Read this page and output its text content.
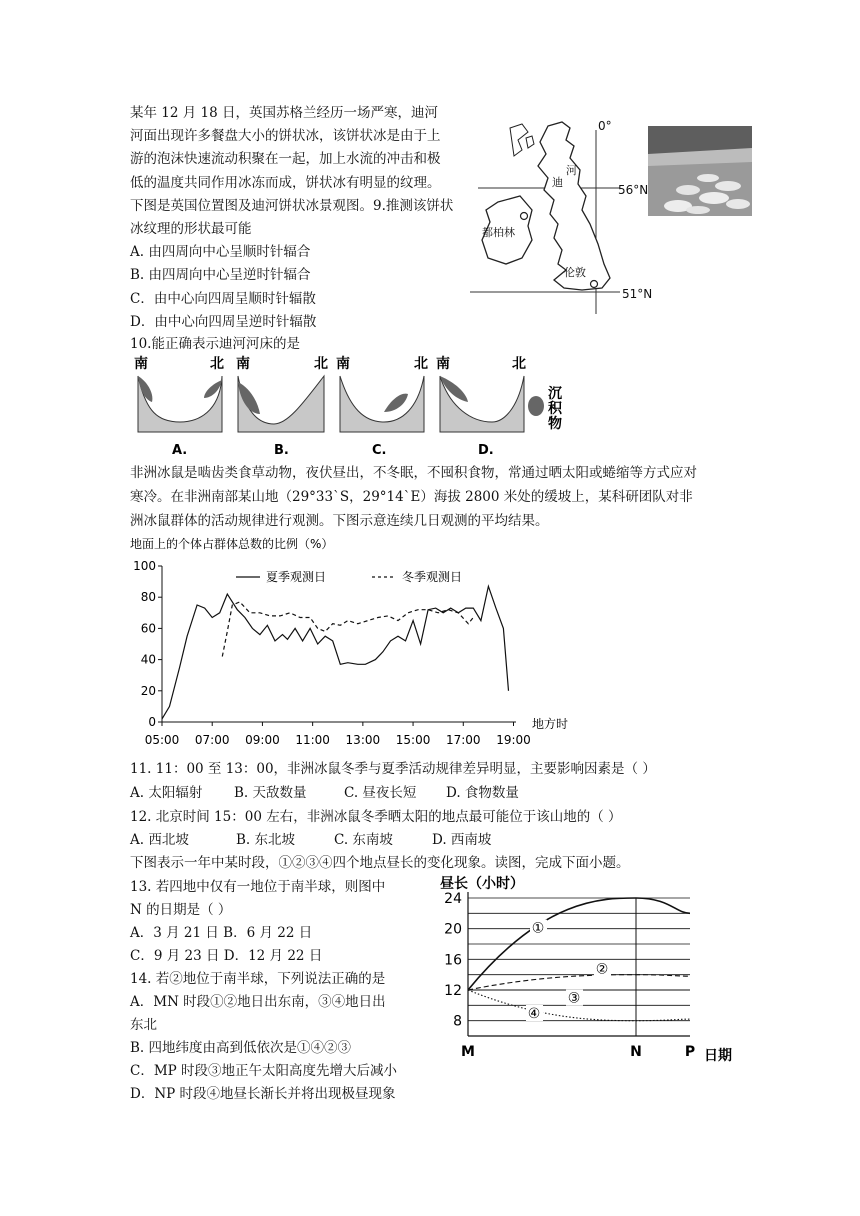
某年 12 月 18 日，英国苏格兰经历一场严寒，迪河
河面出现许多餐盘大小的饼状冰，该饼状冰是由于上
游的泡沫快速流动积聚在一起，加上水流的冲击和极
低的温度共同作用冰冻而成，饼状冰有明显的纹理。
下图是英国位置图及迪河饼状冰景观图。9.推测该饼状
冰纹理的形状最可能
A. 由四周向中心呈顺时针辐合
B. 由四周向中心呈逆时针辐合
C．由中心向四周呈顺时针辐散
D．由中心向四周呈逆时针辐散
0°
56°N
51°N
迪
河
都柏林
伦敦
10.能正确表示迪河河床的是
南	北
A.
南	北
B.
南	北
C.
南	北
D.
沉
积
物
非洲冰鼠是啮齿类食草动物，夜伏昼出，不冬眠，不囤积食物，常通过晒太阳或蜷缩等方式应对
寒冷。在非洲南部某山地（29°33`S，29°14`E）海拔 2800 米处的缓坡上，某科研团队对非
洲冰鼠群体的活动规律进行观测。下图示意连续几日观测的平均结果。
地面上的个体占群体总数的比例（%）
地方时
夏季观测日	冬季观测日
0
20
40
60
80
100
05:00 07:00 09:00 11:00 13:00 15:00 17:00 19:00
11. 11：00 至 13：00，非洲冰鼠冬季与夏季活动规律差异明显，主要影响因素是（ ）
A. 太阳辐射 B. 天敌数量	C. 昼夜长短 D. 食物数量
12. 北京时间 15：00 左右，非洲冰鼠冬季晒太阳的地点最可能位于该山地的（ ）
A. 西北坡	B. 东北坡	C. 东南坡	D. 西南坡
下图表示一年中某时段，①②③④四个地点昼长的变化现象。读图，完成下面小题。
13. 若四地中仅有一地位于南半球，则图中
N 的日期是（ ）
A．3 月 21 日 B．6 月 22 日
C．9 月 23 日 D．12 月 22 日
14. 若②地位于南半球，下列说法正确的是
A．MN 时段①②地日出东南，③④地日出
东北
B. 四地纬度由高到低依次是①④②③
C．MP 时段③地正午太阳高度先增大后减小
D．NP 时段④地昼长渐长并将出现极昼现象
昼长（小时）
日期
24
20
16
12
8
M	N	P
①
②
③
④
